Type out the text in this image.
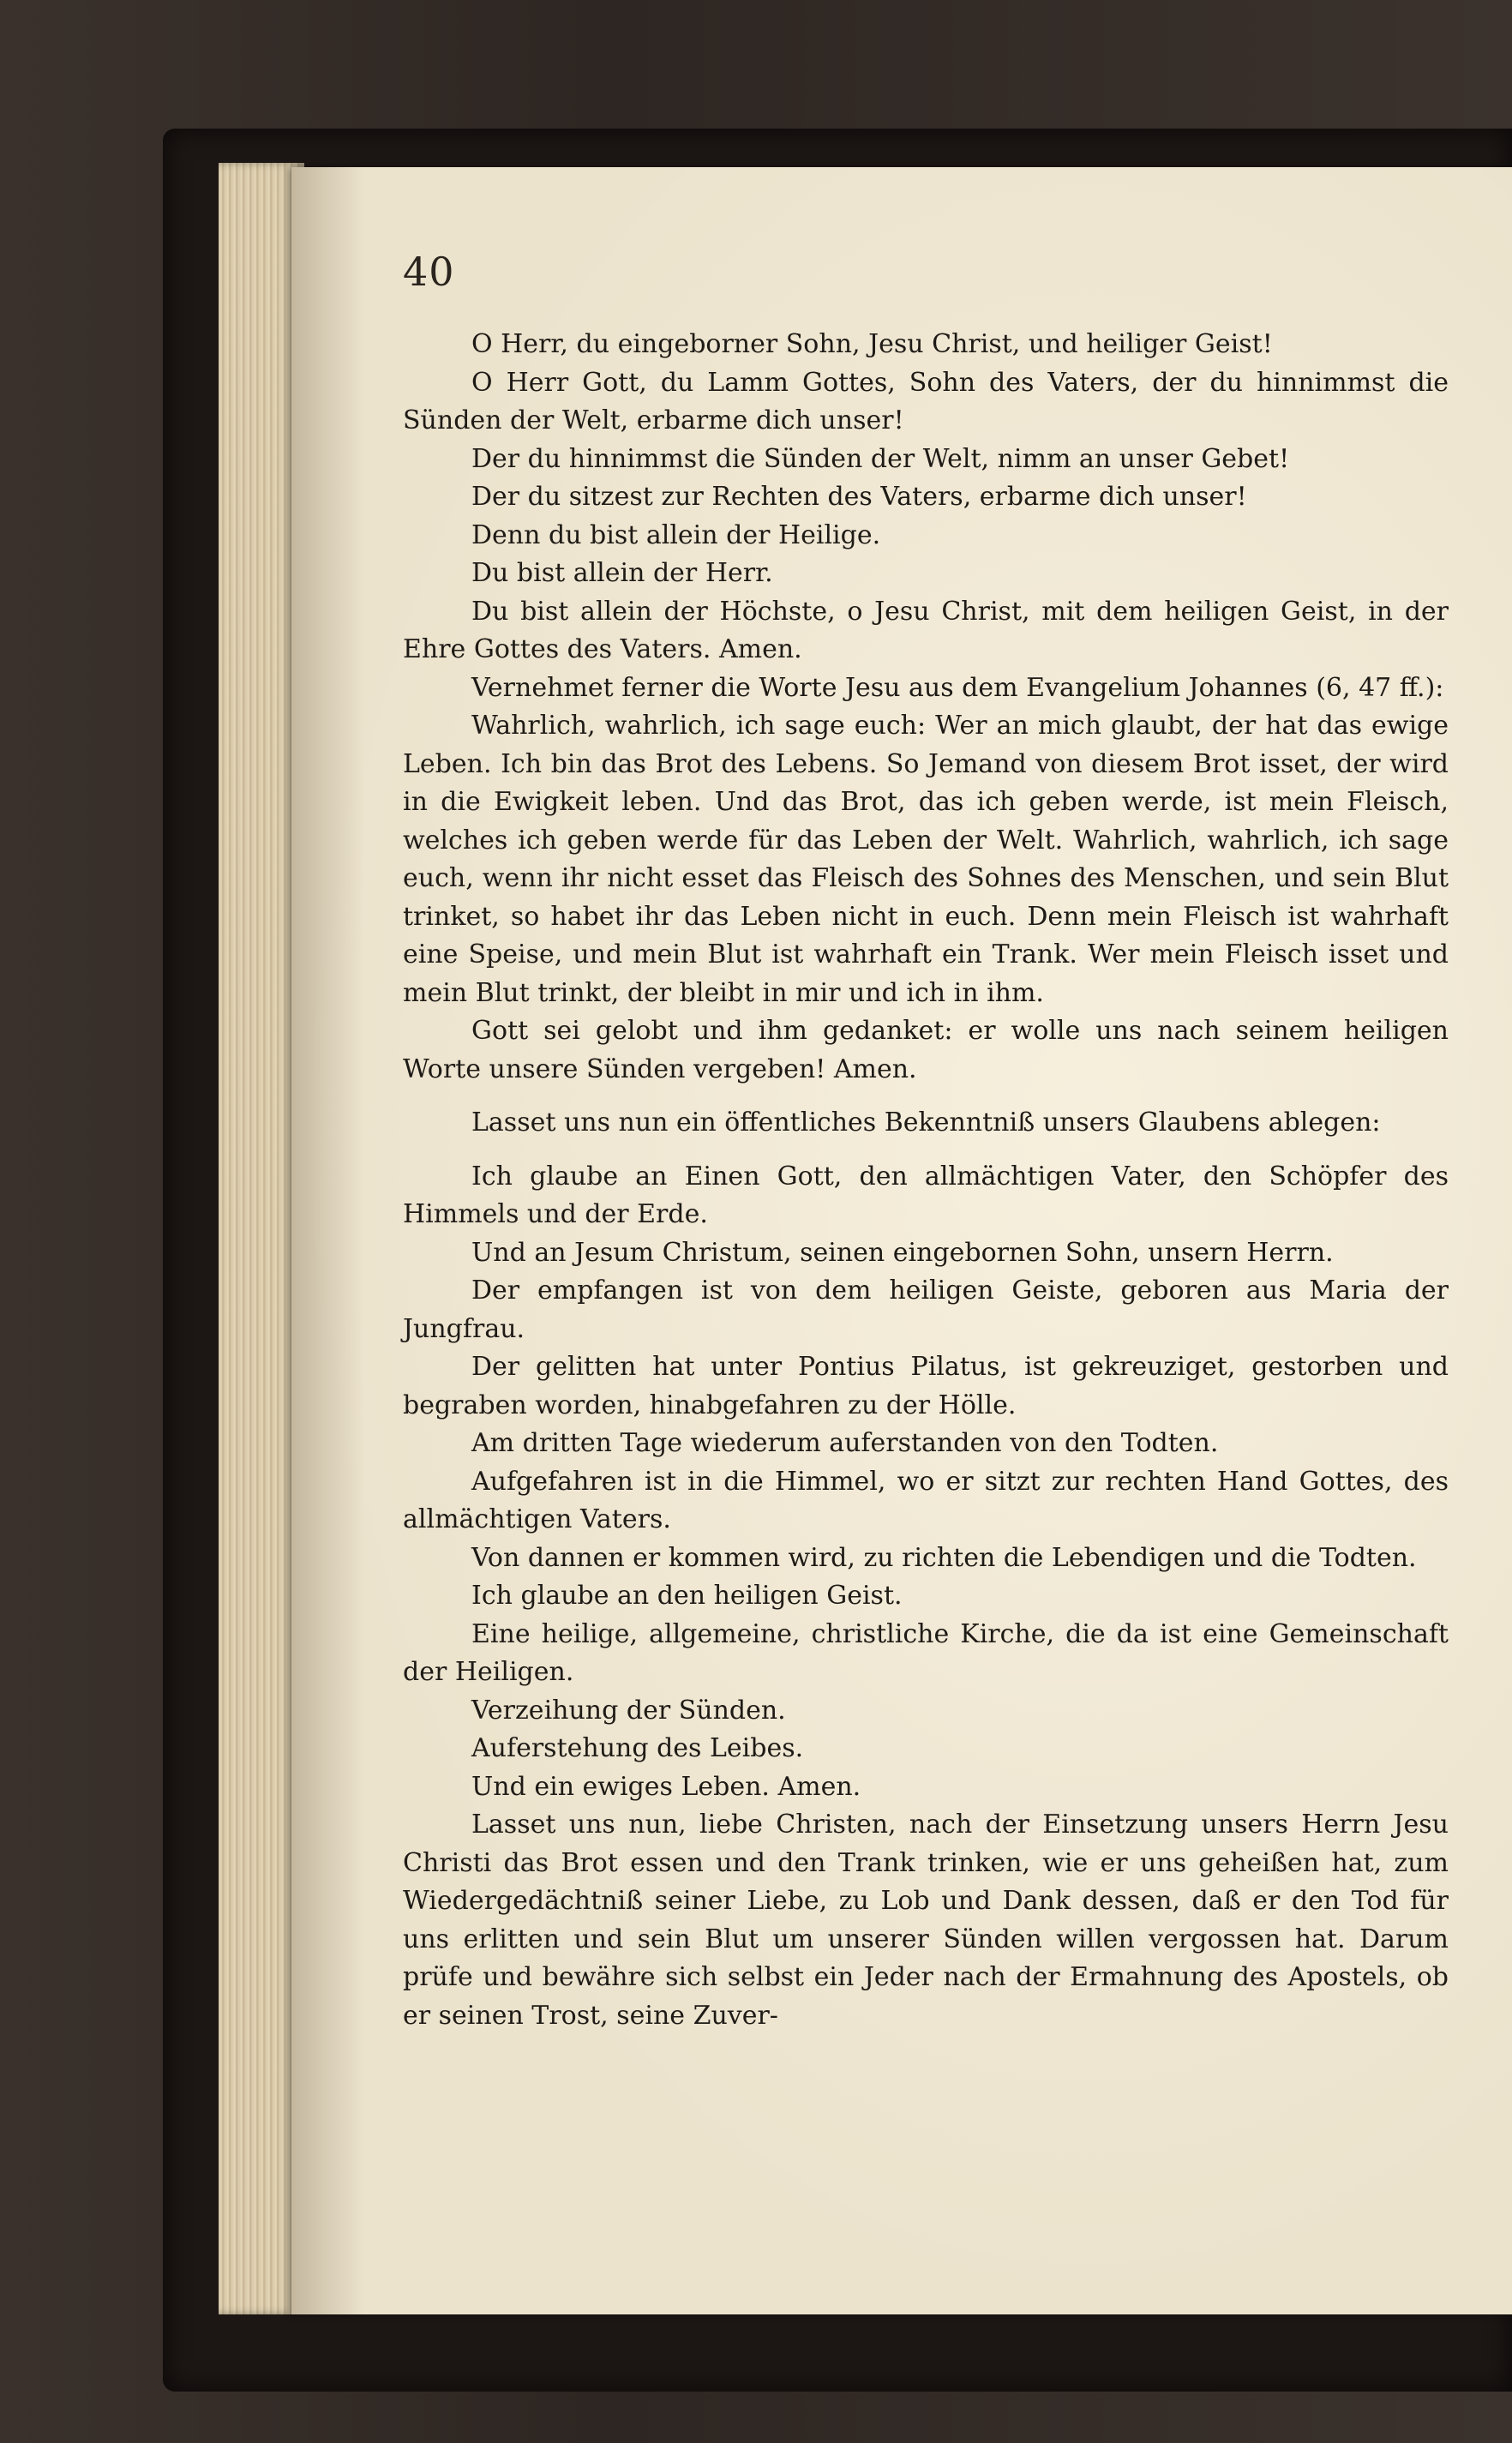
40

O Herr, du eingeborner Sohn, Jesu Christ, und heiliger Geist!

O Herr Gott, du Lamm Gottes, Sohn des Vaters, der du hinnimmst die Sünden der Welt, erbarme dich unser!

Der du hinnimmst die Sünden der Welt, nimm an unser Gebet!

Der du sitzest zur Rechten des Vaters, erbarme dich unser!

Denn du bist allein der Heilige.

Du bist allein der Herr.

Du bist allein der Höchste, o Jesu Christ, mit dem heiligen Geist, in der Ehre Gottes des Vaters. Amen.

Vernehmet ferner die Worte Jesu aus dem Evangelium Johannes (6, 47 ff.):

Wahrlich, wahrlich, ich sage euch: Wer an mich glaubt, der hat das ewige Leben. Ich bin das Brot des Lebens. So Jemand von diesem Brot isset, der wird in die Ewigkeit leben. Und das Brot, das ich geben werde, ist mein Fleisch, welches ich geben werde für das Leben der Welt. Wahrlich, wahrlich, ich sage euch, wenn ihr nicht esset das Fleisch des Sohnes des Menschen, und sein Blut trinket, so habet ihr das Leben nicht in euch. Denn mein Fleisch ist wahrhaft eine Speise, und mein Blut ist wahrhaft ein Trank. Wer mein Fleisch isset und mein Blut trinkt, der bleibt in mir und ich in ihm.

Gott sei gelobt und ihm gedanket: er wolle uns nach seinem heiligen Worte unsere Sünden vergeben! Amen.

Lasset uns nun ein öffentliches Bekenntniß unsers Glaubens ablegen:

Ich glaube an Einen Gott, den allmächtigen Vater, den Schöpfer des Himmels und der Erde.

Und an Jesum Christum, seinen eingebornen Sohn, unsern Herrn.

Der empfangen ist von dem heiligen Geiste, geboren aus Maria der Jungfrau.

Der gelitten hat unter Pontius Pilatus, ist gekreuziget, gestorben und begraben worden, hinabgefahren zu der Hölle.

Am dritten Tage wiederum auferstanden von den Todten.

Aufgefahren ist in die Himmel, wo er sitzt zur rechten Hand Gottes, des allmächtigen Vaters.

Von dannen er kommen wird, zu richten die Lebendigen und die Todten.

Ich glaube an den heiligen Geist.

Eine heilige, allgemeine, christliche Kirche, die da ist eine Gemeinschaft der Heiligen.

Verzeihung der Sünden.

Auferstehung des Leibes.

Und ein ewiges Leben. Amen.

Lasset uns nun, liebe Christen, nach der Einsetzung unsers Herrn Jesu Christi das Brot essen und den Trank trinken, wie er uns geheißen hat, zum Wiedergedächtniß seiner Liebe, zu Lob und Dank dessen, daß er den Tod für uns erlitten und sein Blut um unserer Sünden willen vergossen hat. Darum prüfe und bewähre sich selbst ein Jeder nach der Ermahnung des Apostels, ob er seinen Trost, seine Zuver-
